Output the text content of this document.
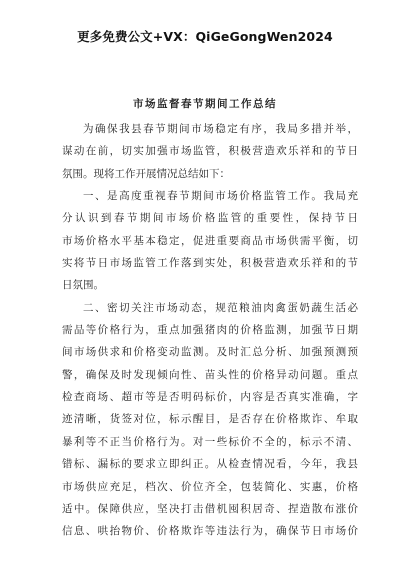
更多免费公文+VX：QiGeGongWen2024
市场监督春节期间工作总结
为确保我县春节期间市场稳定有序，我局多措并举，
谋动在前，切实加强市场监管，积极营造欢乐祥和的节日
氛围。现将工作开展情况总结如下：
一、是高度重视春节期间市场价格监管工作。我局充
分认识到春节期间市场价格监管的重要性，保持节日
市场价格水平基本稳定，促进重要商品市场供需平衡，切
实将节日市场监管工作落到实处，积极营造欢乐祥和的节
日氛围。
二、密切关注市场动态，规范粮油肉禽蛋奶蔬生活必
需品等价格行为，重点加强猪肉的价格监测，加强节日期
间市场供求和价格变动监测。及时汇总分析、加强预测预
警，确保及时发现倾向性、苗头性的价格异动问题。重点
检查商场、超市等是否明码标价，内容是否真实准确，字
迹清晰，货签对位，标示醒目，是否存在价格欺诈、牟取
暴利等不正当价格行为。对一些标价不全的，标示不清、
错标、漏标的要求立即纠正。从检查情况看，今年，我县
市场供应充足，档次、价位齐全，包装简化、实惠，价格
适中。保障供应，坚决打击借机囤积居奇、捏造散布涨价
信息、哄抬物价、价格欺诈等违法行为，确保节日市场价
